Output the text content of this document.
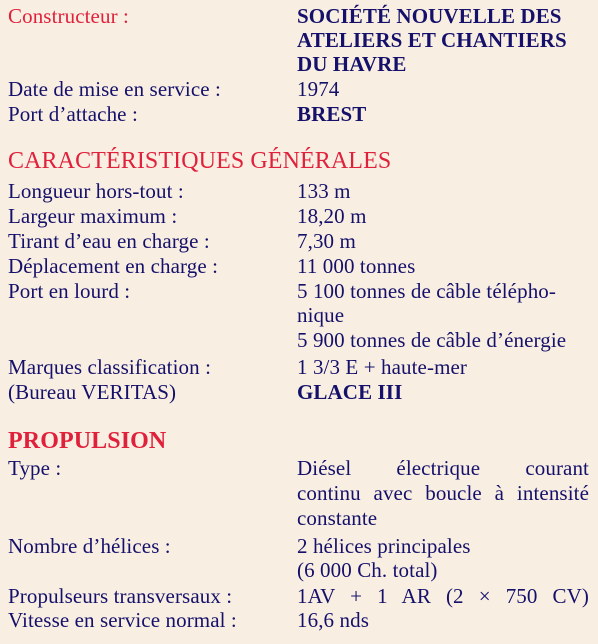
Constructeur :	SOCIÉTÉ NOUVELLE DES
ATELIERS ET CHANTIERS
DU HAVRE
Date de mise en service :	1974
Port d’attache :	BREST
CARACTÉRISTIQUES GÉNÉRALES
Longueur hors-tout :	133 m
Largeur maximum :	18,20 m
Tirant d’eau en charge :	7,30 m
Déplacement en charge :	11 000 tonnes
Port en lourd :	5 100 tonnes de câble télépho-
nique
5 900 tonnes de câble d’énergie
Marques classification :	1 3/3 E + haute-mer
(Bureau VERITAS)	GLACE III
PROPULSION
Type :	Diésel électrique courant
continu avec boucle à intensité
constante
Nombre d’hélices :	2 hélices principales
(6 000 Ch. total)
Propulseurs transversaux :	1AV + 1 AR (2 × 750 CV)
Vitesse en service normal :	16,6 nds
